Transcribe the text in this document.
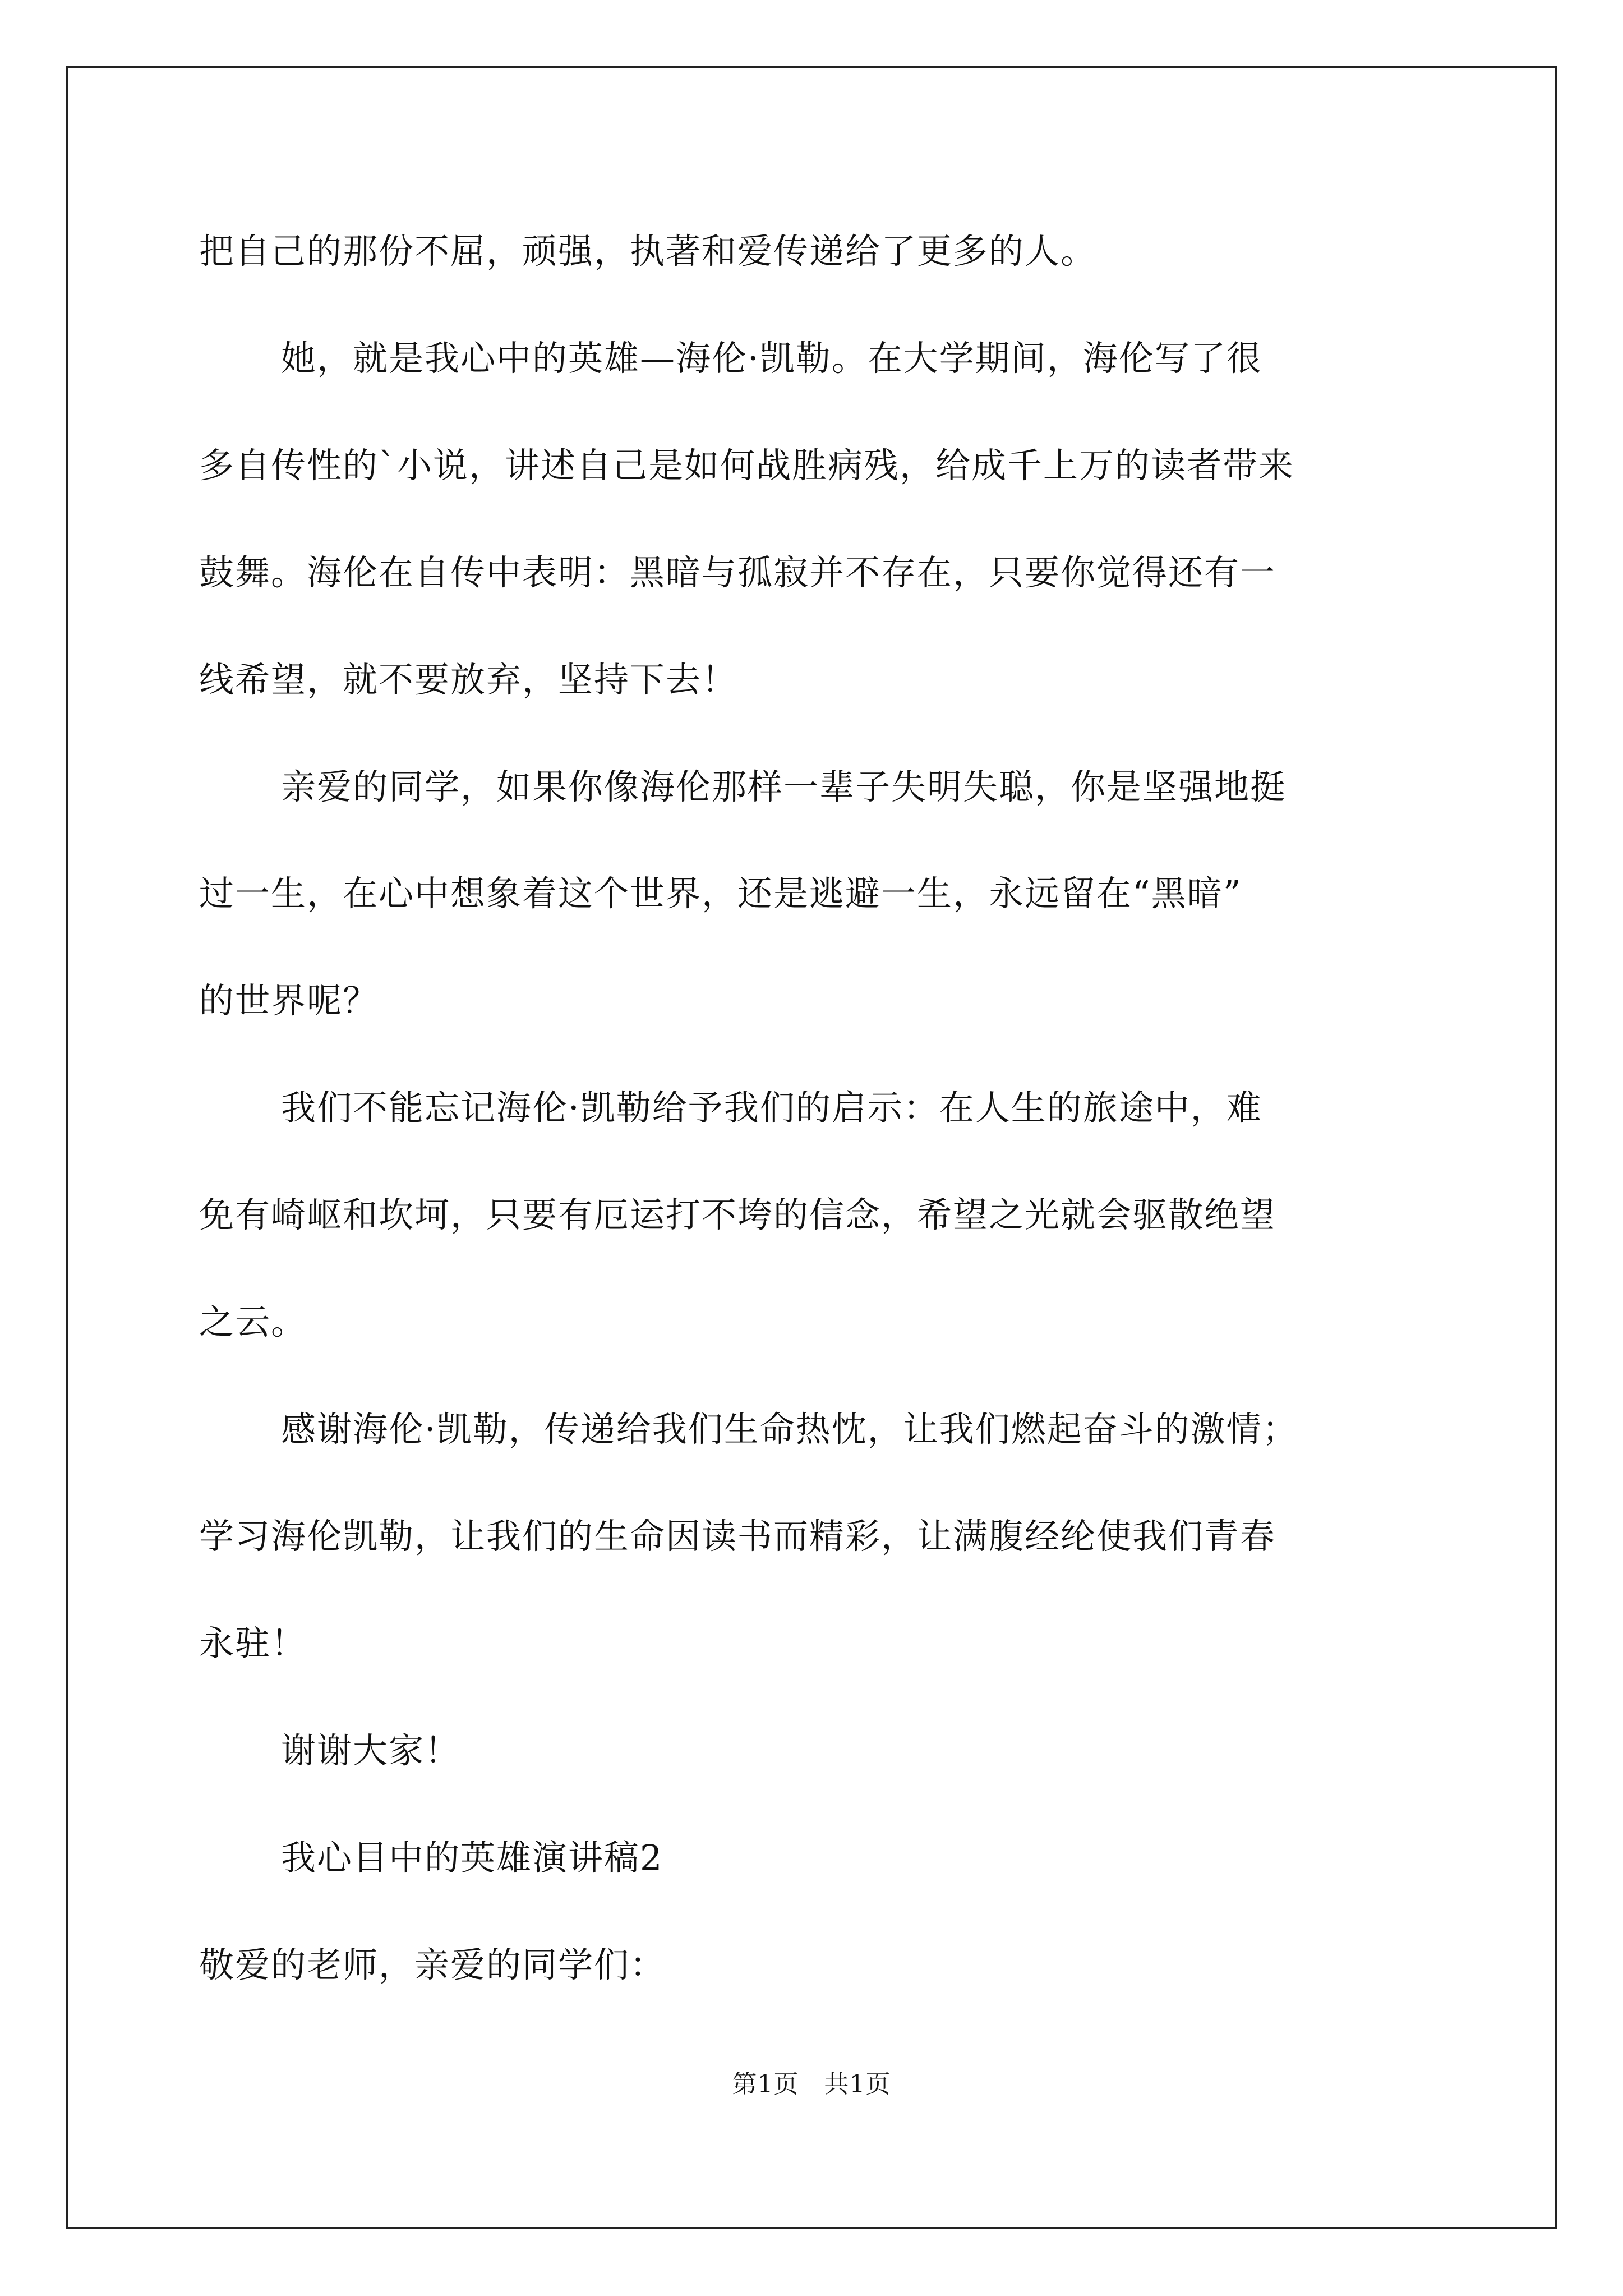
把自己的那份不屈，顽强，执著和爱传递给了更多的人。
她，就是我心中的英雄—海伦·凯勒。在大学期间，海伦写了很
多自传性的`小说，讲述自己是如何战胜病残，给成千上万的读者带来
鼓舞。海伦在自传中表明：黑暗与孤寂并不存在，只要你觉得还有一
线希望，就不要放弃，坚持下去！
亲爱的同学，如果你像海伦那样一辈子失明失聪，你是坚强地挺
过一生，在心中想象着这个世界，还是逃避一生，永远留在“黑暗”
的世界呢？
我们不能忘记海伦·凯勒给予我们的启示：在人生的旅途中，难
免有崎岖和坎坷，只要有厄运打不垮的信念，希望之光就会驱散绝望
之云。
感谢海伦·凯勒，传递给我们生命热忱，让我们燃起奋斗的激情；
学习海伦凯勒，让我们的生命因读书而精彩，让满腹经纶使我们青春
永驻！
谢谢大家！
我心目中的英雄演讲稿2
敬爱的老师，亲爱的同学们：
第1页　共1页
